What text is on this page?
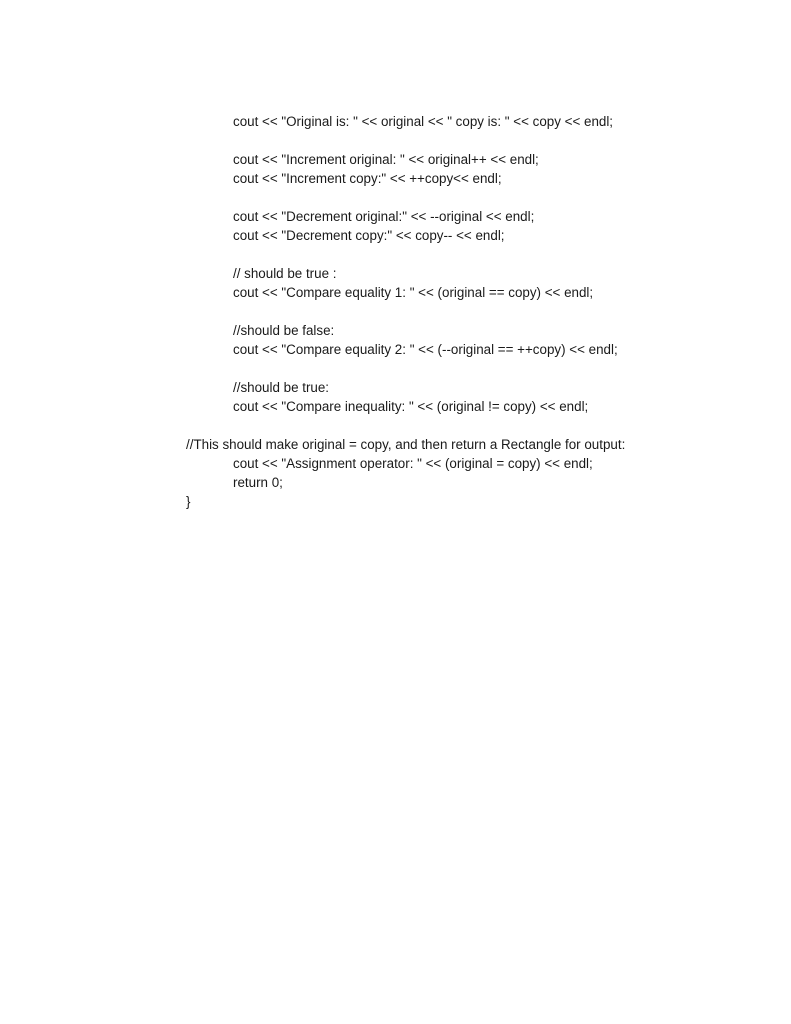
cout << "Original is: " << original << " copy is: " << copy << endl;
cout << "Increment original: " << original++ << endl;
cout << "Increment copy:" << ++copy<< endl;
cout << "Decrement original:" << --original << endl;
cout << "Decrement copy:" << copy-- << endl;
// should be true :
cout << "Compare equality 1: " << (original == copy) << endl;
//should be false:
cout << "Compare equality 2: " << (--original == ++copy) << endl;
//should be true:
cout << "Compare inequality: " << (original != copy) << endl;
//This should make original = copy, and then return a Rectangle for output:
cout << "Assignment operator: " << (original = copy) << endl;
return 0;
}
